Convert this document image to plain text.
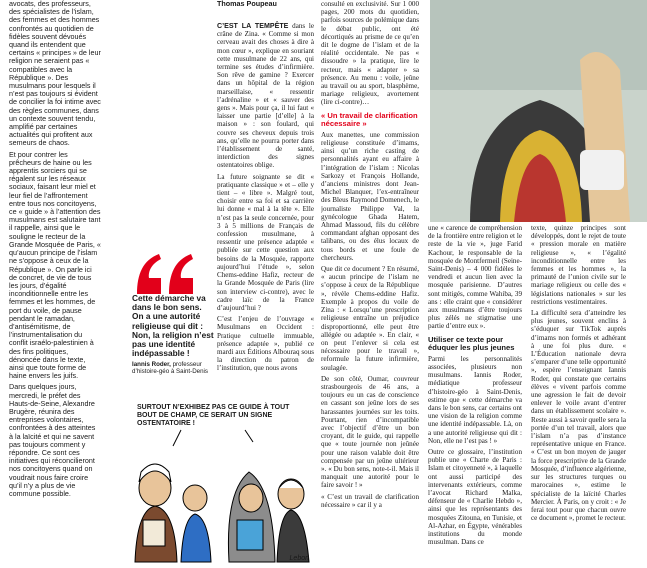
avocats, des professeurs, des spécialistes de l’islam, des femmes et des hommes confrontés au quotidien de fidèles souvent dévoués quand ils entendent que certains « principes » de leur religion ne seraient pas « compatibles avec la République ». Des musulmans pour lesquels il n’est pas toujours si évident de concilier la foi intime avec des règles communes, dans un contexte souvent tendu, amplifié par certaines actualités qui profitent aux semeurs de chaos.

Et pour contrer les prêcheurs de haine ou les apprentis sorciers qui se régalent sur les réseaux sociaux, faisant leur miel et leur fiel de l’affrontement entre tous nos concitoyens, ce « guide » à l’attention des musulmans est salutaire tant il rappelle, ainsi que le souligne le recteur de la Grande Mosquée de Paris, « qu’aucun principe de l’islam ne s’oppose à ceux de la République ». On parle ici de concret, de vie de tous les jours, d’égalité inconditionnelle entre les femmes et les hommes, de port du voile, de pause pendant le ramadan, d’antisémitisme, de l’instrumentalisation du conflit israélo-palestinien à des fins politiques, dénoncée dans le texte, ainsi que toute forme de haine envers les juifs.

Dans quelques jours, mercredi, le préfet des Hauts-de-Seine, Alexandre Brugère, réunira des entreprises volontaires, confrontées à des atteintes à la laïcité et qui ne savent pas toujours comment y répondre. Ce sont ces initiatives qui réconcilieront nos concitoyens quand on voudrait nous faire croire qu’il n’y a plus de vie commune possible.

Cette démarche va dans le bon sens. On a une autorité religieuse qui dit : Non, la religion n’est pas une identité indépassable !

Iannis Roder, professeur d’histoire-géo à Saint-Denis

SURTOUT N’EXHIBEZ PAS CE GUIDE À TOUT BOUT DE CHAMP, CE SERAIT UN SIGNE OSTENTATOIRE !

Lebon

Thomas Poupeau

C’EST LA TEMPÊTE dans le crâne de Zina. « Comme si mon cerveau avait des choses à dire à mon cœur », explique en souriant cette musulmane de 22 ans, qui termine ses études d’infirmière. Son rêve de gamine ? Exercer dans un hôpital de la région marseillaise, « ressentir l’adrénaline » et « sauver des gens ». Mais pour ça, il lui faut « laisser une partie [d’elle] à la maison » : son foulard, qui couvre ses cheveux depuis trois ans, qu’elle ne pourra porter dans l’établissement de santé, interdiction des signes ostentatoires oblige.

La future soignante se dit « pratiquante classique » et – elle y tient – « libre ». Malgré tout, choisir entre sa foi et sa carrière lui donne « mal à la tête ». Elle n’est pas la seule concernée, pour 3 à 5 millions de Français de confession musulmane, à ressentir une présence adaptée « publiée sur cette question aux besoins de la Mosquée, rapporte aujourd’hui l’étude », selon Chems-eddine Hafiz, recteur de la Grande Mosquée de Paris (lire son interview ci-contre), avec le cadre laïc de la France d’aujourd’hui ?

C’est l’enjeu de l’ouvrage « Musulmans en Occident : Pratique cultuelle immuable, présence adaptée », publié ce mardi aux Éditions Albouraq sous la direction du patron de l’institution, que nous avons

consulté en exclusivité. Sur 1 000 pages, 200 mots du quotidien, parfois sources de polémique dans le débat public, ont été décortiqués au prisme de ce qu’en dit le dogme de l’islam et de la réalité occidentale. Ne pas « dissoudre » la pratique, lire le recteur, mais « adapter » sa présence. Au menu : voile, jeûne au travail ou au sport, blasphème, mariage religieux, avortement (lire ci-contre)…

« Un travail de clarification nécessaire »

Aux manettes, une commission religieuse constituée d’imams, ainsi qu’un riche casting de personnalités ayant eu affaire à l’intégration de l’islam : Nicolas Sarkozy et François Hollande, d’anciens ministres dont Jean-Michel Blanquer, l’ex-entraîneur des Bleus Raymond Domenech, le journaliste Philippe Val, la gynécologue Ghada Hatem, Ahmad Massoud, fils du célèbre commandant afghan opposant des talibans, ou des élus locaux de tous bords et une foule de chercheurs.

Que dit ce document ? En résumé, « aucun principe de l’islam ne s’oppose à ceux de la République », révèle Chems-eddine Hafiz. Exemple à propos du voile de Zina : « Lorsqu’une prescription religieuse entraîne un préjudice disproportionné, elle peut être allégée ou adaptée ». En clair, « on peut l’enlever si cela est nécessaire pour le travail », reformule la future infirmière, soulagée.

De son côté, Oumar, couvreur strasbourgeois de 46 ans, a toujours eu un cas de conscience en cassant son jeûne lors de ses harassantes journées sur les toits. Pourtant, rien d’incompatible avec l’objectif d’être un bon croyant, dit le guide, qui rappelle que « toute journée non jeûnée pour une raison valable doit être compensée par un jeûne ultérieur ». « Du bon sens, note-t-il. Mais il manquait une autorité pour le faire savoir ! »

« C’est un travail de clarification nécessaire » car il y a

une « carence de compréhension de la frontière entre religion et le reste de la vie », juge Farid Kachour, le responsable de la mosquée de Montfermeil (Seine-Saint-Denis) – 4 000 fidèles le vendredi et aucun lien avec la mosquée parisienne. D’autres sont mitigés, comme Wahiba, 39 ans : elle craint que « considérer aux musulmans d’être toujours plus zélés ne stigmatise une partie d’entre eux ».

Utiliser ce texte pour éduquer les plus jeunes

Parmi les personnalités associées, plusieurs non musulmans. Iannis Roder, médiatique professeur d’histoire-géo à Saint-Denis, estime que « cette démarche va dans le bon sens, car certains ont une vision de la religion comme une identité indépassable. Là, on a une autorité religieuse qui dit : Non, elle ne l’est pas ! »

Outre ce glossaire, l’institution publie une « Charte de Paris : Islam et citoyenneté », à laquelle ont aussi participé des intervenants extérieurs, comme l’avocat Richard Malka, défenseur de « Charlie Hebdo », ainsi que les représentants des mosquées Zitouna, en Tunisie, et Al-Azhar, en Égypte, vénérables institutions du monde musulman. Dans ce

texte, quinze principes sont développés, dont le rejet de toute « pression morale en matière religieuse », « l’égalité inconditionnelle entre les femmes et les hommes », la primauté de l’union civile sur le mariage religieux ou celle des « législations nationales » sur les restrictions vestimentaires.

La difficulté sera d’atteindre les plus jeunes, souvent enclins à s’éduquer sur TikTok auprès d’imams non formés et adhérant à une foi plus dure. « L’Éducation nationale devra s’emparer d’une telle opportunité », espère l’enseignant Iannis Roder, qui constate que certains élèves « vivent parfois comme une agression le fait de devoir enlever le voile avant d’entrer dans un établissement scolaire ». Reste aussi à savoir quelle sera la portée d’un tel travail, alors que l’islam n’a pas d’instance représentative unique en France. « C’est un bon moyen de jauger la force prescriptive de la Grande Mosquée, d’influence algérienne, sur les structures turques ou marocaines », estime le spécialiste de la laïcité Charles Mercier. À Paris, on y croit : « Je ferai tout pour que chacun ouvre ce document », promet le recteur.
